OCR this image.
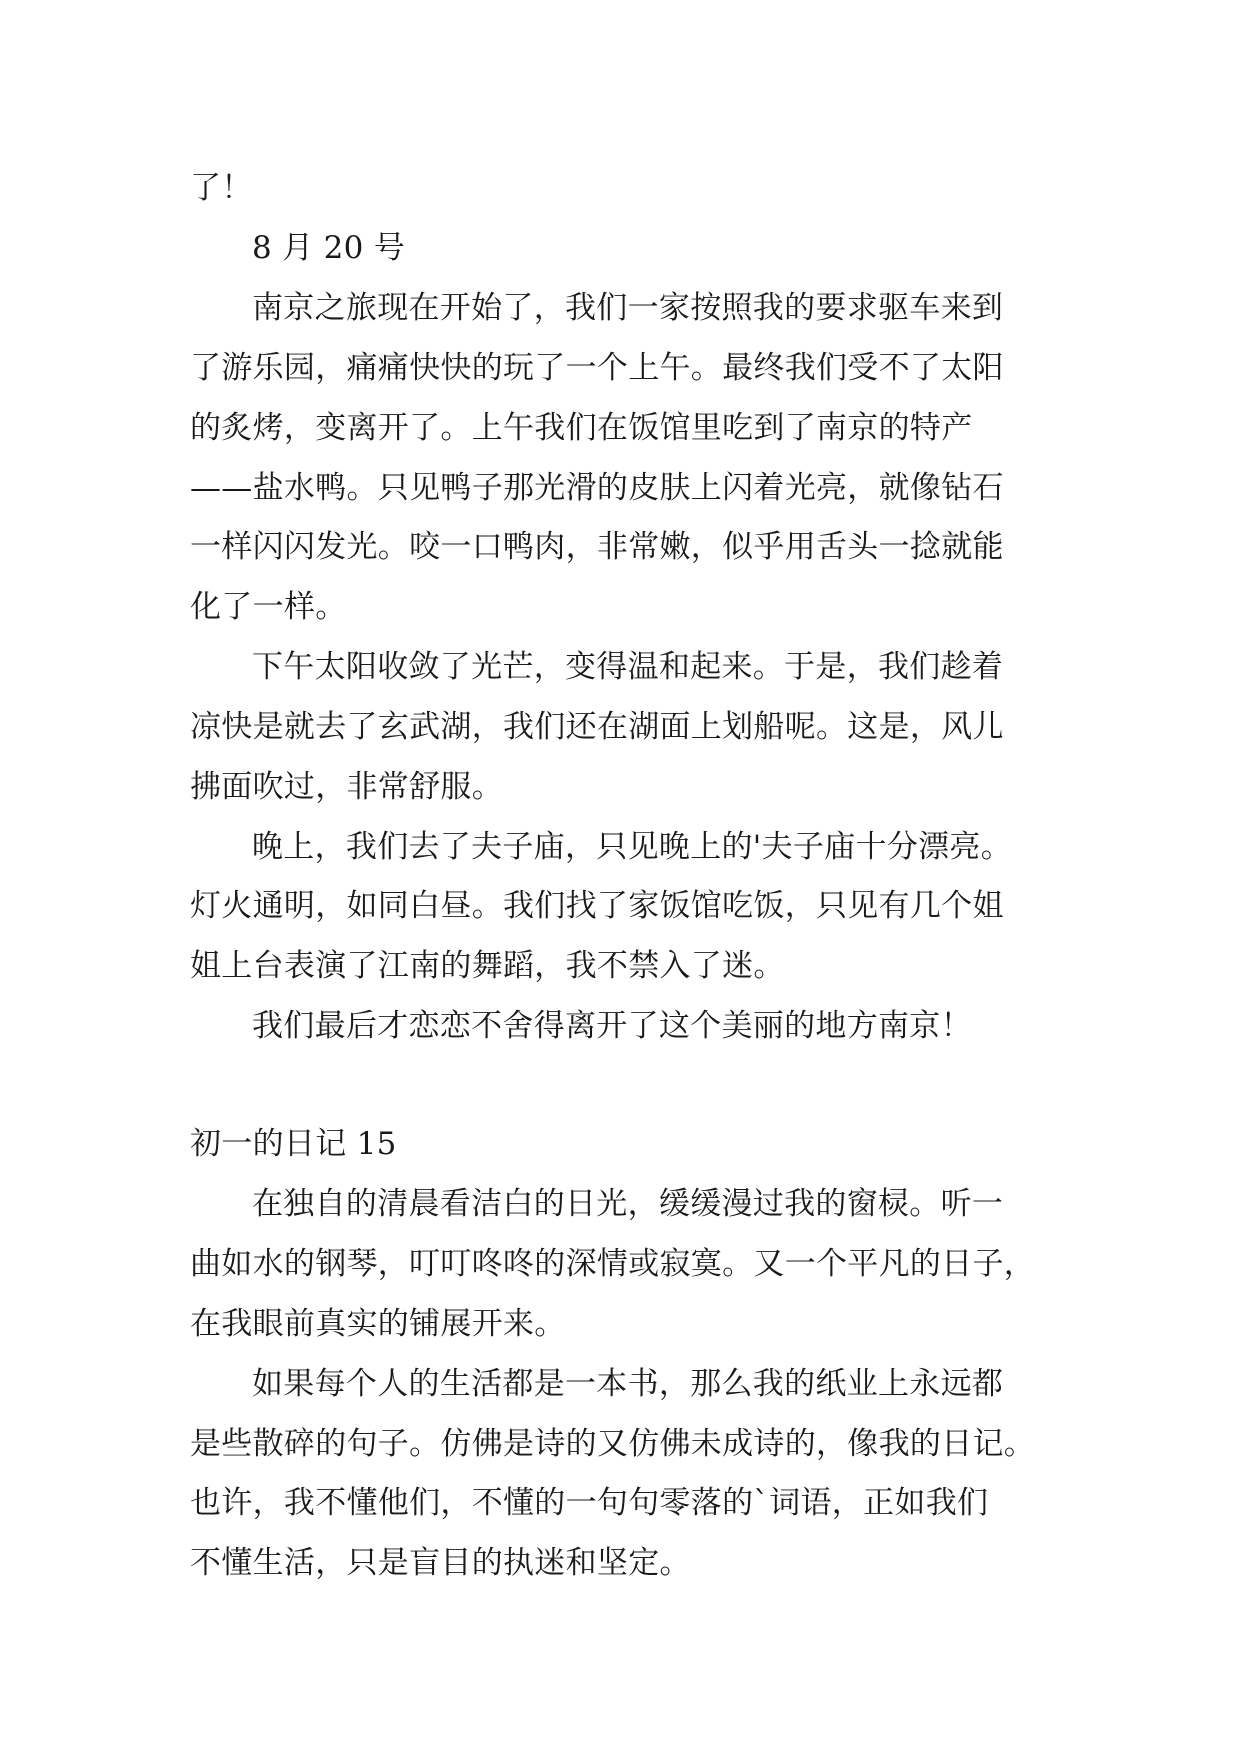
了！
8 月 20 号
南京之旅现在开始了，我们一家按照我的要求驱车来到
了游乐园，痛痛快快的玩了一个上午。最终我们受不了太阳
的炙烤，变离开了。上午我们在饭馆里吃到了南京的特产
——盐水鸭。只见鸭子那光滑的皮肤上闪着光亮，就像钻石
一样闪闪发光。咬一口鸭肉，非常嫩，似乎用舌头一捻就能
化了一样。
下午太阳收敛了光芒，变得温和起来。于是，我们趁着
凉快是就去了玄武湖，我们还在湖面上划船呢。这是，风儿
拂面吹过，非常舒服。
晚上，我们去了夫子庙，只见晚上的'夫子庙十分漂亮。
灯火通明，如同白昼。我们找了家饭馆吃饭，只见有几个姐
姐上台表演了江南的舞蹈，我不禁入了迷。
我们最后才恋恋不舍得离开了这个美丽的地方南京！
初一的日记 15
在独自的清晨看洁白的日光，缓缓漫过我的窗棂。听一
曲如水的钢琴，叮叮咚咚的深情或寂寞。又一个平凡的日子，
在我眼前真实的铺展开来。
如果每个人的生活都是一本书，那么我的纸业上永远都
是些散碎的句子。仿佛是诗的又仿佛未成诗的，像我的日记。
也许，我不懂他们，不懂的一句句零落的`词语，正如我们
不懂生活，只是盲目的执迷和坚定。
